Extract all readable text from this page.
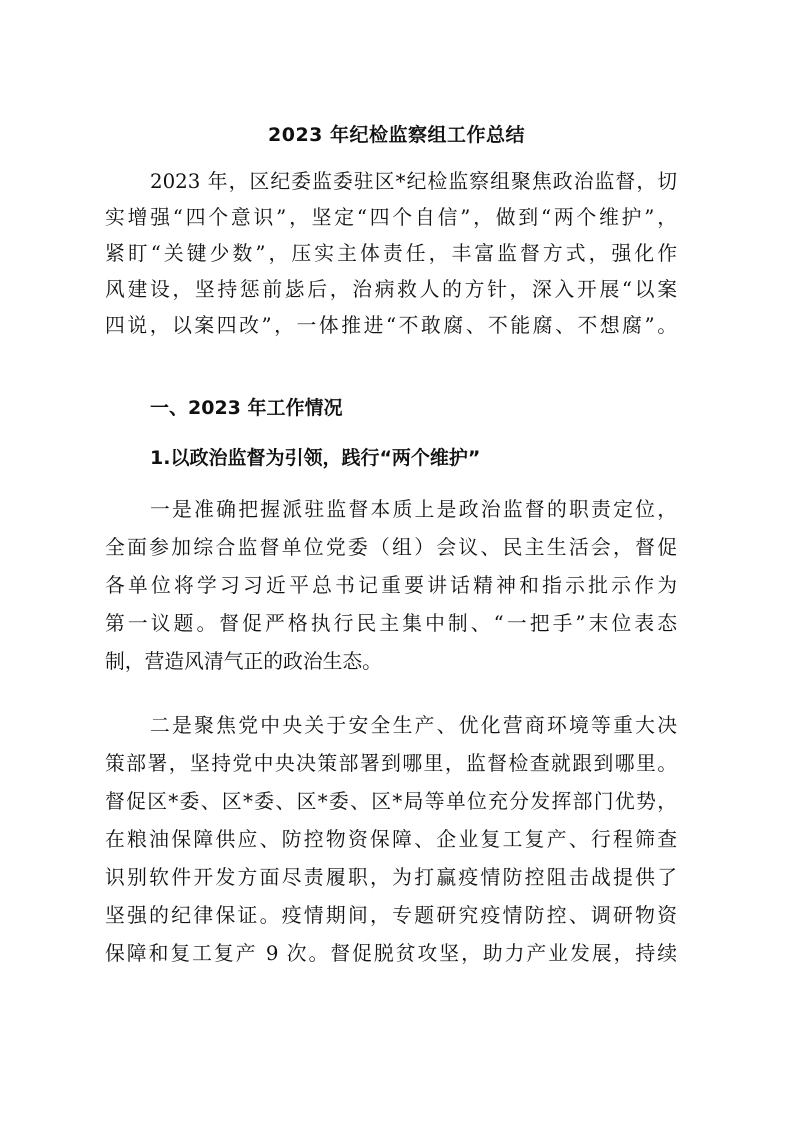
2023 年纪检监察组工作总结
2023 年，区纪委监委驻区*纪检监察组聚焦政治监督，切
实增强“四个意识”，坚定“四个自信”，做到“两个维护”，
紧盯“关键少数”，压实主体责任，丰富监督方式，强化作
风建设，坚持惩前毖后，治病救人的方针，深入开展“以案
四说，以案四改”，一体推进“不敢腐、不能腐、不想腐”。
一、2023 年工作情况
1.以政治监督为引领，践行“两个维护”
一是准确把握派驻监督本质上是政治监督的职责定位，
全面参加综合监督单位党委（组）会议、民主生活会，督促
各单位将学习习近平总书记重要讲话精神和指示批示作为
第一议题。督促严格执行民主集中制、“一把手”末位表态
制，营造风清气正的政治生态。
二是聚焦党中央关于安全生产、优化营商环境等重大决
策部署，坚持党中央决策部署到哪里，监督检查就跟到哪里。
督促区*委、区*委、区*委、区*局等单位充分发挥部门优势，
在粮油保障供应、防控物资保障、企业复工复产、行程筛查
识别软件开发方面尽责履职，为打赢疫情防控阻击战提供了
坚强的纪律保证。疫情期间，专题研究疫情防控、调研物资
保障和复工复产 9 次。督促脱贫攻坚，助力产业发展，持续
